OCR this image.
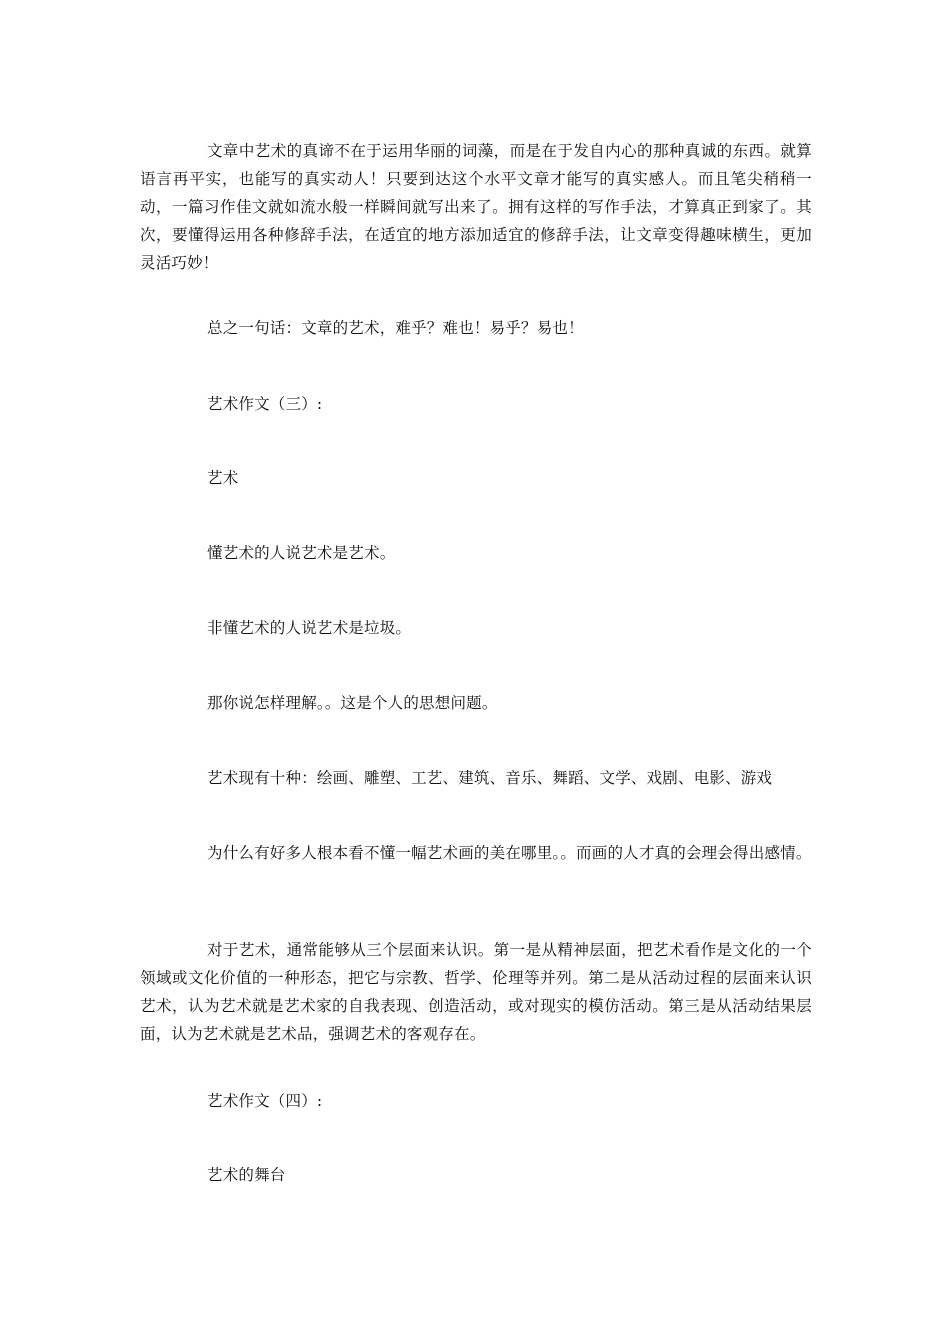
文章中艺术的真谛不在于运用华丽的词藻，而是在于发自内心的那种真诚的东西。就算语言再平实，也能写的真实动人！只要到达这个水平文章才能写的真实感人。而且笔尖稍稍一动，一篇习作佳文就如流水般一样瞬间就写出来了。拥有这样的写作手法，才算真正到家了。其次，要懂得运用各种修辞手法，在适宜的地方添加适宜的修辞手法，让文章变得趣味横生，更加灵活巧妙！

总之一句话：文章的艺术，难乎？难也！易乎？易也！

艺术作文（三）:

艺术

懂艺术的人说艺术是艺术。

非懂艺术的人说艺术是垃圾。

那你说怎样理解。。这是个人的思想问题。

艺术现有十种：绘画、雕塑、工艺、建筑、音乐、舞蹈、文学、戏剧、电影、游戏

为什么有好多人根本看不懂一幅艺术画的美在哪里。。而画的人才真的会理会得出感情。

对于艺术，通常能够从三个层面来认识。第一是从精神层面，把艺术看作是文化的一个领域或文化价值的一种形态，把它与宗教、哲学、伦理等并列。第二是从活动过程的层面来认识艺术，认为艺术就是艺术家的自我表现、创造活动，或对现实的模仿活动。第三是从活动结果层面，认为艺术就是艺术品，强调艺术的客观存在。

艺术作文（四）:

艺术的舞台
